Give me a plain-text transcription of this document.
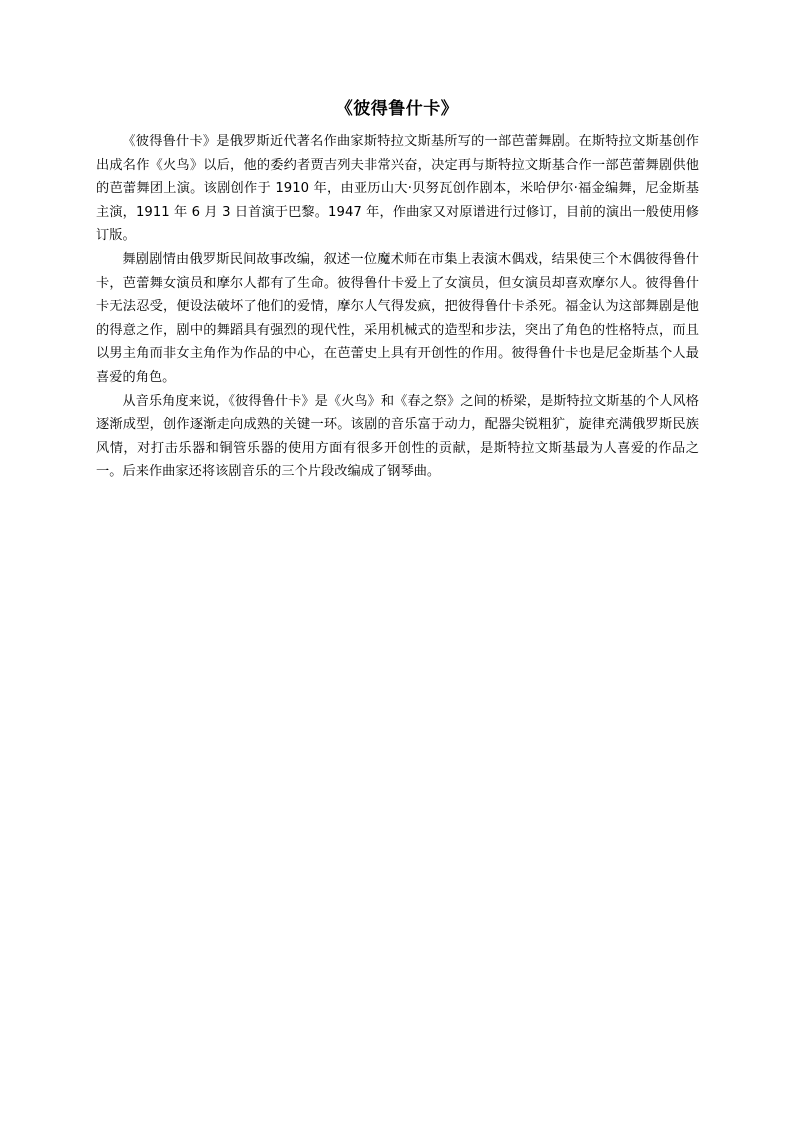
《彼得鲁什卡》

《彼得鲁什卡》是俄罗斯近代著名作曲家斯特拉文斯基所写的一部芭蕾舞剧。在斯特拉文斯基创作出成名作《火鸟》以后，他的委约者贾吉列夫非常兴奋，决定再与斯特拉文斯基合作一部芭蕾舞剧供他的芭蕾舞团上演。该剧创作于 1910 年，由亚历山大·贝努瓦创作剧本，米哈伊尔·福金编舞，尼金斯基主演，1911 年 6 月 3 日首演于巴黎。1947 年，作曲家又对原谱进行过修订，目前的演出一般使用修订版。

舞剧剧情由俄罗斯民间故事改编，叙述一位魔术师在市集上表演木偶戏，结果使三个木偶彼得鲁什卡，芭蕾舞女演员和摩尔人都有了生命。彼得鲁什卡爱上了女演员，但女演员却喜欢摩尔人。彼得鲁什卡无法忍受，便设法破坏了他们的爱情，摩尔人气得发疯，把彼得鲁什卡杀死。福金认为这部舞剧是他的得意之作，剧中的舞蹈具有强烈的现代性，采用机械式的造型和步法，突出了角色的性格特点，而且以男主角而非女主角作为作品的中心，在芭蕾史上具有开创性的作用。彼得鲁什卡也是尼金斯基个人最喜爱的角色。

从音乐角度来说，《彼得鲁什卡》是《火鸟》和《春之祭》之间的桥梁，是斯特拉文斯基的个人风格逐渐成型，创作逐渐走向成熟的关键一环。该剧的音乐富于动力，配器尖锐粗犷，旋律充满俄罗斯民族风情，对打击乐器和铜管乐器的使用方面有很多开创性的贡献，是斯特拉文斯基最为人喜爱的作品之一。后来作曲家还将该剧音乐的三个片段改编成了钢琴曲。
